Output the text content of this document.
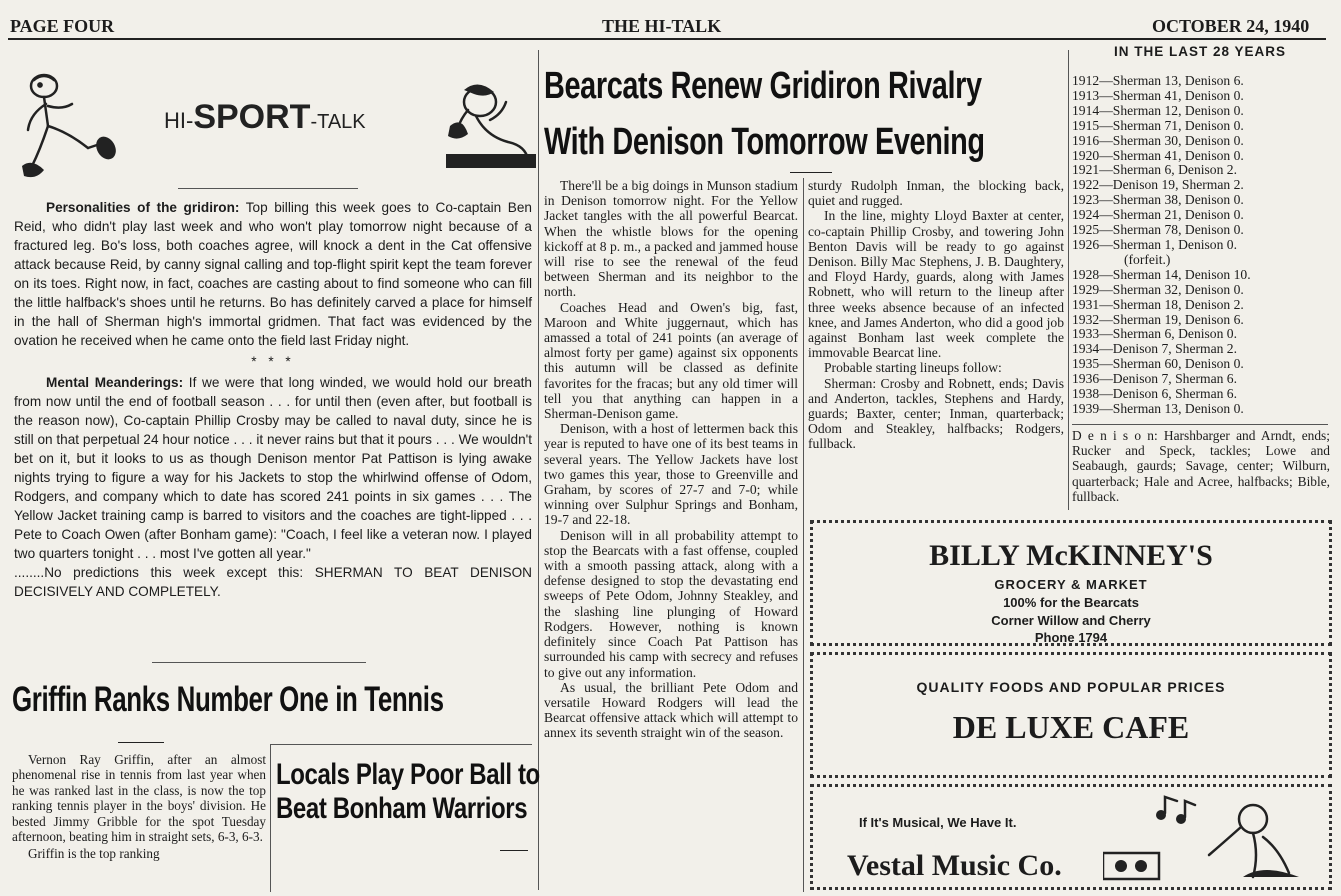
PAGE FOUR	THE HI-TALK	OCTOBER 24, 1940
HI-SPORT-TALK

Personalities of the gridiron: Top billing this week goes to Co-captain Ben Reid, who didn't play last week and who won't play tomorrow night because of a fractured leg. Bo's loss, both coaches agree, will knock a dent in the Cat offensive attack because Reid, by canny signal calling and top-flight spirit kept the team forever on its toes. Right now, in fact, coaches are casting about to find someone who can fill the little halfback's shoes until he returns. Bo has definitely carved a place for himself in the hall of Sherman high's immortal gridmen. That fact was evidenced by the ovation he received when he came onto the field last Friday night.

* * *

Mental Meanderings: If we were that long winded, we would hold our breath from now until the end of football season . . . for until then (even after, but football is the reason now), Co-captain Phillip Crosby may be called to naval duty, since he is still on that perpetual 24 hour notice . . . it never rains but that it pours . . . We wouldn't bet on it, but it looks to us as though Denison mentor Pat Pattison is lying awake nights trying to figure a way for his Jackets to stop the whirlwind offense of Odom, Rodgers, and company which to date has scored 241 points in six games . . . The Yellow Jacket training camp is barred to visitors and the coaches are tight-lipped . . . Pete to Coach Owen (after Bonham game): "Coach, I feel like a veteran now. I played two quarters tonight . . . most I've gotten all year."

........No predictions this week except this: SHERMAN TO BEAT DENISON DECISIVELY AND COMPLETELY.

Griffin Ranks Number One in Tennis

Vernon Ray Griffin, after an almost phenomenal rise in tennis from last year when he was ranked last in the class, is now the top ranking tennis player in the boys' division. He bested Jimmy Gribble for the spot Tuesday afternoon, beating him in straight sets, 6-3, 6-3.

Griffin is the top ranking

Locals Play Poor Ball to Beat Bonham Warriors
Bearcats Renew Gridiron Rivalry
With Denison Tomorrow Evening

There'll be a big doings in Munson stadium in Denison tomorrow night. For the Yellow Jacket tangles with the all powerful Bearcat. When the whistle blows for the opening kickoff at 8 p. m., a packed and jammed house will rise to see the renewal of the feud between Sherman and its neighbor to the north.

Coaches Head and Owen's big, fast, Maroon and White juggernaut, which has amassed a total of 241 points (an average of almost forty per game) against six opponents this autumn will be classed as definite favorites for the fracas; but any old timer will tell you that anything can happen in a Sherman-Denison game.

Denison, with a host of lettermen back this year is reputed to have one of its best teams in several years. The Yellow Jackets have lost two games this year, those to Greenville and Graham, by scores of 27-7 and 7-0; while winning over Sulphur Springs and Bonham, 19-7 and 22-18.

Denison will in all probability attempt to stop the Bearcats with a fast offense, coupled with a smooth passing attack, along with a defense designed to stop the devastating end sweeps of Pete Odom, Johnny Steakley, and the slashing line plunging of Howard Rodgers. However, nothing is known definitely since Coach Pat Pattison has surrounded his camp with secrecy and refuses to give out any information.

As usual, the brilliant Pete Odom and versatile Howard Rodgers will lead the Bearcat offensive attack which will attempt to annex its seventh straight win of the season.

sturdy Rudolph Inman, the blocking back, quiet and rugged.

In the line, mighty Lloyd Baxter at center, co-captain Phillip Crosby, and towering John Benton Davis will be ready to go against Denison. Billy Mac Stephens, J. B. Daughtery, and Floyd Hardy, guards, along with James Robnett, who will return to the lineup after three weeks absence because of an infected knee, and James Anderton, who did a good job against Bonham last week complete the immovable Bearcat line.

Probable starting lineups follow:

Sherman: Crosby and Robnett, ends; Davis and Anderton, tackles, Stephens and Hardy, guards; Baxter, center; Inman, quarterback; Odom and Steakley, halfbacks; Rodgers, fullback.

IN THE LAST 28 YEARS
1912—Sherman 13, Denison 6.
1913—Sherman 41, Denison 0.
1914—Sherman 12, Denison 0.
1915—Sherman 71, Denison 0.
1916—Sherman 30, Denison 0.
1920—Sherman 41, Denison 0.
1921—Sherman 6, Denison 2.
1922—Denison 19, Sherman 2.
1923—Sherman 38, Denison 0.
1924—Sherman 21, Denison 0.
1925—Sherman 78, Denison 0.
1926—Sherman 1, Denison 0.
(forfeit.)
1928—Sherman 14, Denison 10.
1929—Sherman 32, Denison 0.
1931—Sherman 18, Denison 2.
1932—Sherman 19, Denison 6.
1933—Sherman 6, Denison 0.
1934—Denison 7, Sherman 2.
1935—Sherman 60, Denison 0.
1936—Denison 7, Sherman 6.
1938—Denison 6, Sherman 6.
1939—Sherman 13, Denison 0.
D e n i s o n: Harshbarger and Arndt, ends; Rucker and Speck, tackles; Lowe and Seabaugh, gaurds; Savage, center; Wilburn, quarterback; Hale and Acree, halfbacks; Bible, fullback.
BILLY McKINNEY'S
GROCERY & MARKET
100% for the Bearcats
Corner Willow and Cherry
Phone 1794
QUALITY FOODS AND POPULAR PRICES
DE LUXE CAFE
If It's Musical, We Have It.
Vestal Music Co.
